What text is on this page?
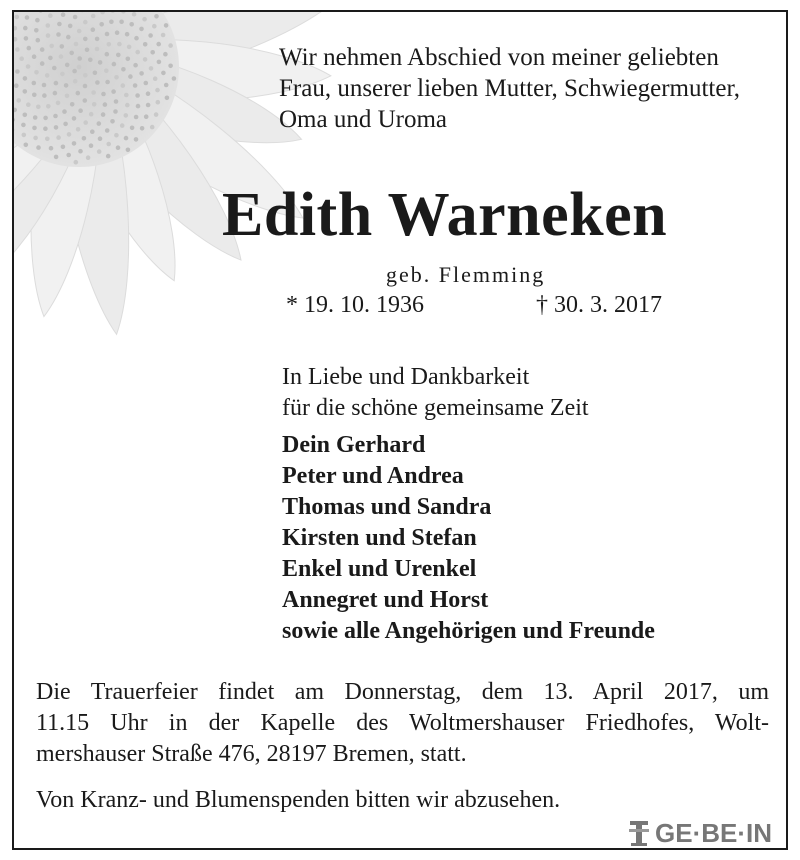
Wir nehmen Abschied von meiner geliebten
Frau, unserer lieben Mutter, Schwiegermutter,
Oma und Uroma
Edith Warneken
geb. Flemming
* 19. 10. 1936	† 30. 3. 2017
In Liebe und Dankbarkeit
für die schöne gemeinsame Zeit
Dein Gerhard
Peter und Andrea
Thomas und Sandra
Kirsten und Stefan
Enkel und Urenkel
Annegret und Horst
sowie alle Angehörigen und Freunde
Die Trauerfeier findet am Donnerstag, dem 13. April 2017, um
11.15 Uhr in der Kapelle des Woltmershauser Friedhofes, Wolt-
mershauser Straße 476, 28197 Bremen, statt.
Von Kranz- und Blumenspenden bitten wir abzusehen.
GE·BE·IN
